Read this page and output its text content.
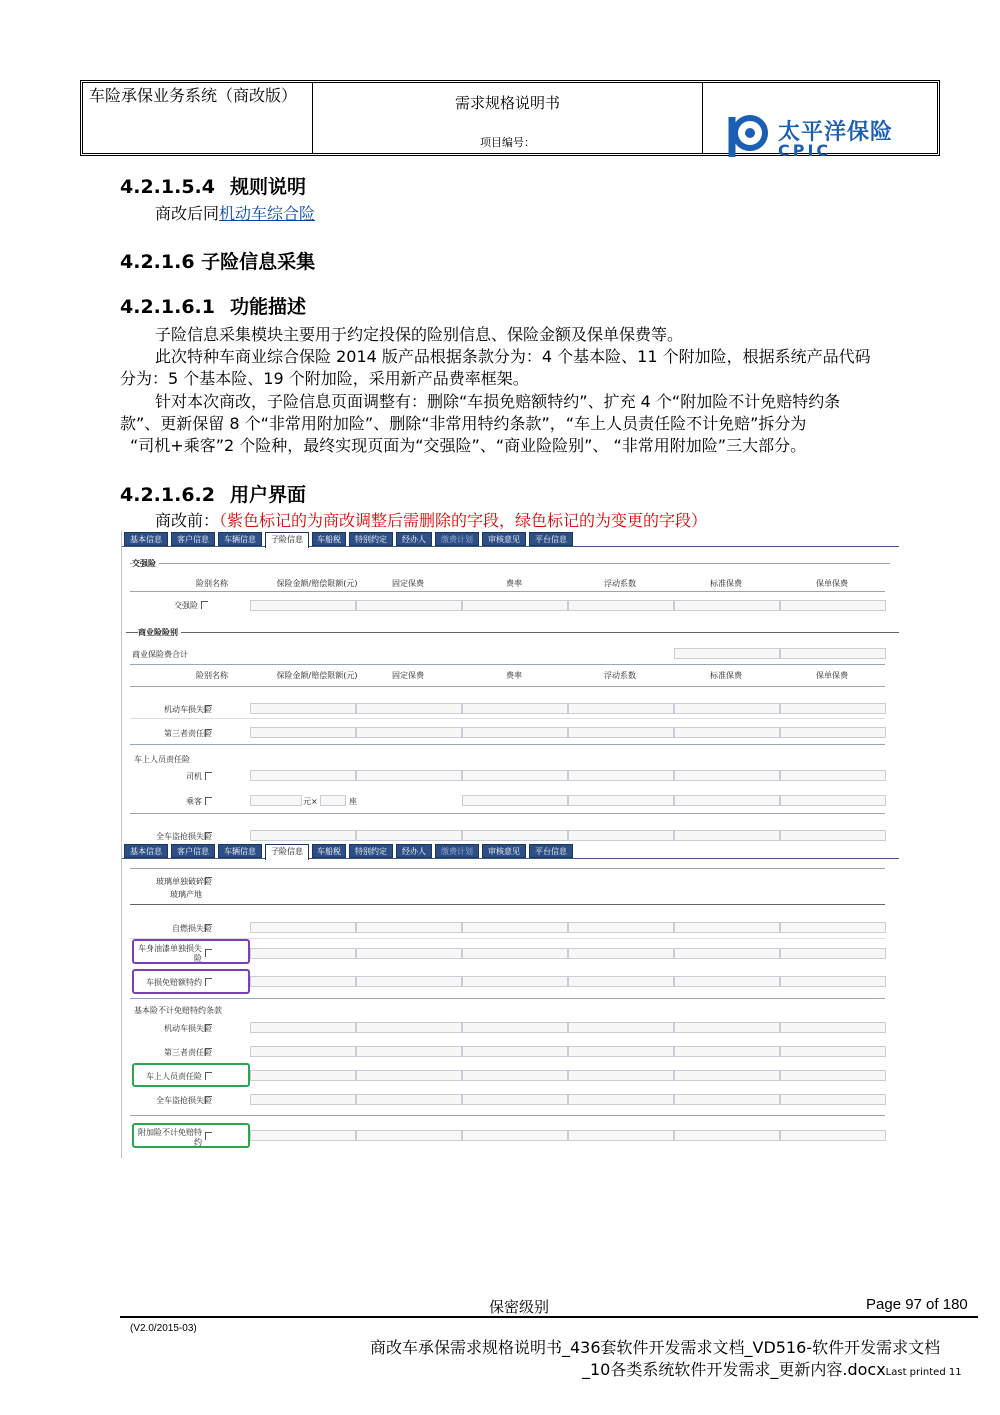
车险承保业务系统（商改版）	需求规格说明书
项目编号：	太平洋保险
CPIC
4.2.1.5.4 规则说明
商改后同机动车综合险
4.2.1.6 子险信息采集
4.2.1.6.1 功能描述
子险信息采集模块主要用于约定投保的险别信息、保险金额及保单保费等。
此次特种车商业综合保险 2014 版产品根据条款分为：4 个基本险、11 个附加险，根据系统产品代码
分为：5 个基本险、19 个附加险，采用新产品费率框架。
针对本次商改，子险信息页面调整有：删除“车损免赔额特约”、扩充 4 个“附加险不计免赔特约条
款”、更新保留 8 个“非常用附加险”、删除“非常用特约条款”，“车上人员责任险不计免赔”拆分为
“司机+乘客”2 个险种，最终实现页面为“交强险”、“商业险险别”、 “非常用附加险”三大部分。
4.2.1.6.2 用户界面
商改前：（紫色标记的为商改调整后需删除的字段，绿色标记的为变更的字段）
基本信息	客户信息	车辆信息	子险信息	车船税	特别约定	经办人	缴费计划	审核意见	平台信息
交强险
险别名称	保险金额/赔偿限额(元)	固定保费	费率	浮动系数	标准保费	保单保费
交强险
商业险险别
商业保险费合计
险别名称	保险金额/赔偿限额(元)	固定保费	费率	浮动系数	标准保费	保单保费
机动车损失险
第三者责任险
车上人员责任险
司机
乘客	元×	座
全车盗抢损失险
基本信息	客户信息	车辆信息	子险信息	车船税	特别约定	经办人	缴费计划	审核意见	平台信息
玻璃单独破碎险
玻璃产地
自燃损失险
车身油漆单独损失险
车损免赔额特约
基本险不计免赔特约条款
机动车损失险
第三者责任险
车上人员责任险
全车盗抢损失险
附加险不计免赔特约
保密级别	Page 97 of 180
(V2.0/2015-03)
商改车承保需求规格说明书_436套软件开发需求文档_VD516-软件开发需求文档
_10各类系统软件开发需求_更新内容.docxLast printed 11
